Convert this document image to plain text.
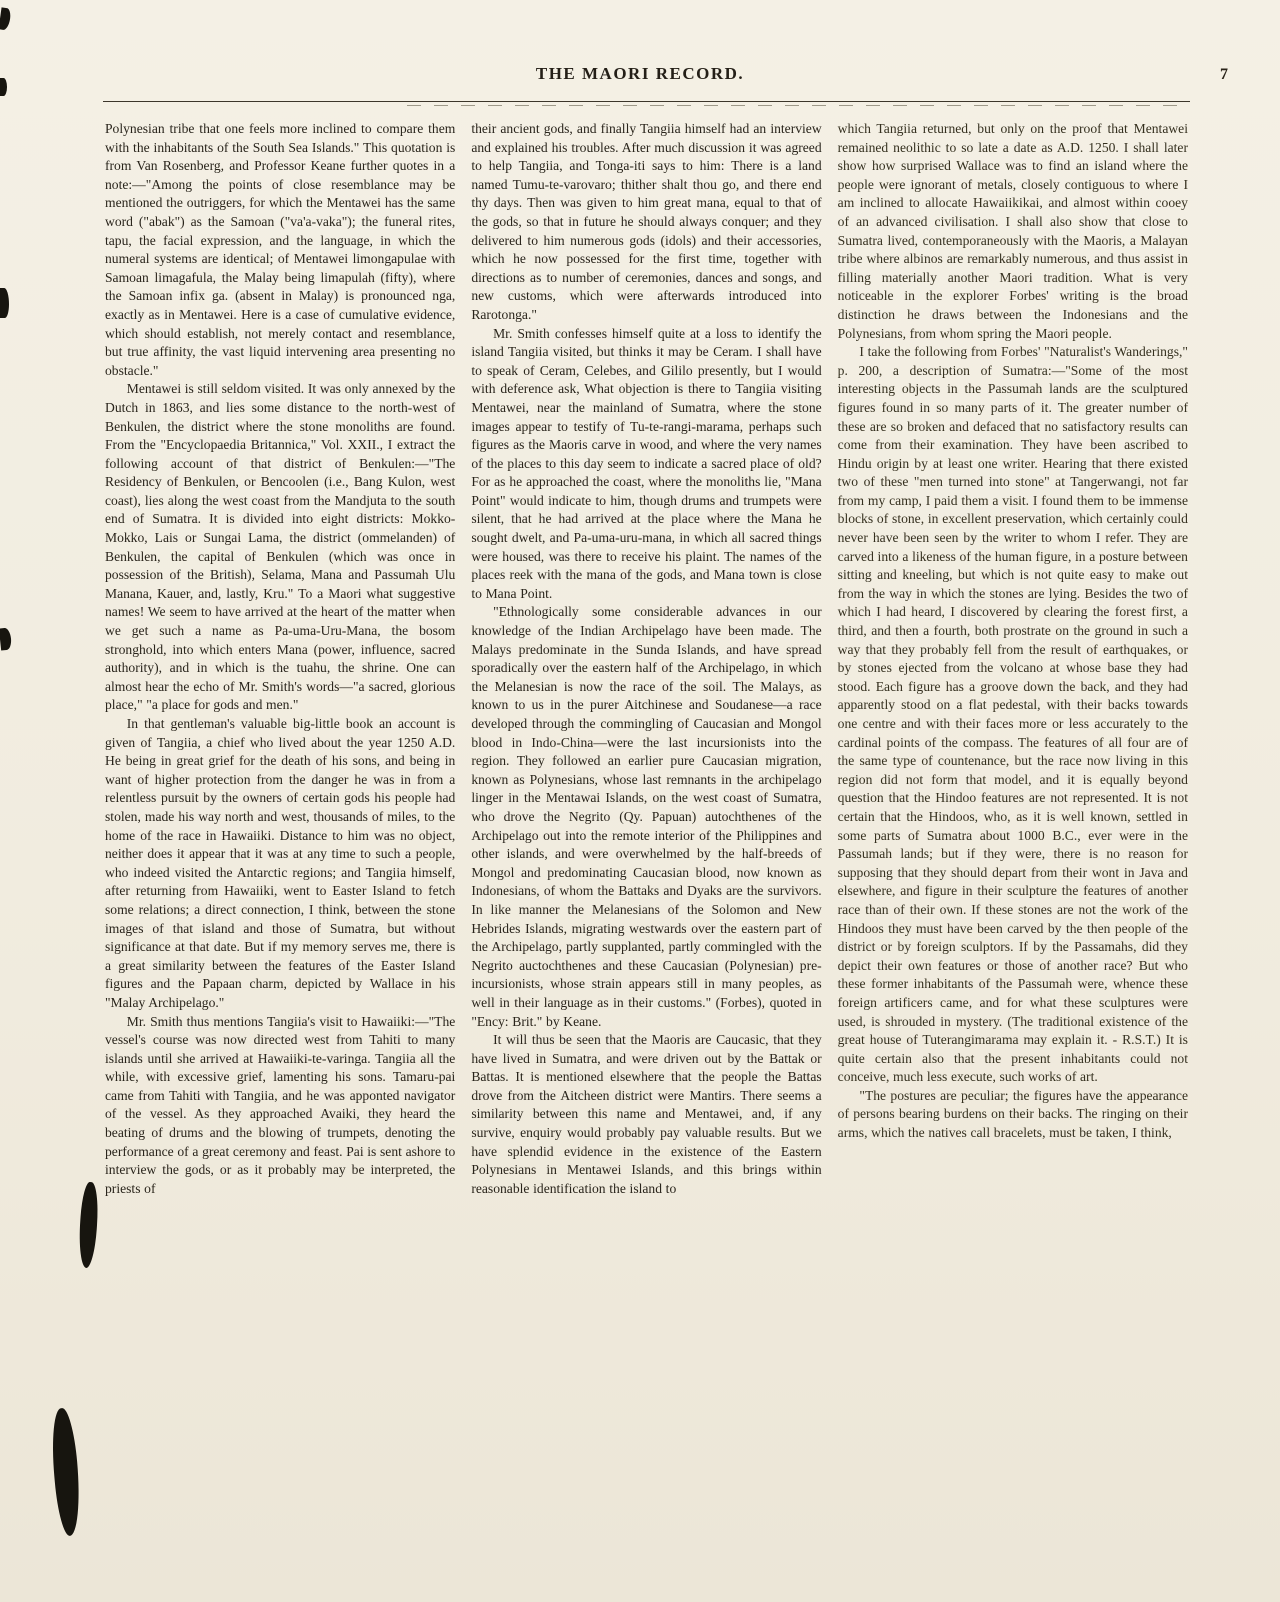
THE MAORI RECORD.	7

Polynesian tribe that one feels more inclined to compare them with the inhabitants of the South Sea Islands." This quotation is from Van Rosenberg, and Professor Keane further quotes in a note:—"Among the points of close resemblance may be mentioned the outriggers, for which the Mentawei has the same word ("abak") as the Samoan ("va'a-vaka"); the funeral rites, tapu, the facial expression, and the language, in which the numeral systems are identical; of Mentawei limongapulae with Samoan limagafula, the Malay being limapulah (fifty), where the Samoan infix ga. (absent in Malay) is pronounced nga, exactly as in Mentawei. Here is a case of cumulative evidence, which should establish, not merely contact and resemblance, but true affinity, the vast liquid intervening area presenting no obstacle."

Mentawei is still seldom visited. It was only annexed by the Dutch in 1863, and lies some distance to the north-west of Benkulen, the district where the stone monoliths are found. From the "Encyclopaedia Britannica," Vol. XXII., I extract the following account of that district of Benkulen:—"The Residency of Benkulen, or Bencoolen (i.e., Bang Kulon, west coast), lies along the west coast from the Mandjuta to the south end of Sumatra. It is divided into eight districts: Mokko-Mokko, Lais or Sungai Lama, the district (ommelanden) of Benkulen, the capital of Benkulen (which was once in possession of the British), Selama, Mana and Passumah Ulu Manana, Kauer, and, lastly, Kru." To a Maori what suggestive names! We seem to have arrived at the heart of the matter when we get such a name as Pa-uma-Uru-Mana, the bosom stronghold, into which enters Mana (power, influence, sacred authority), and in which is the tuahu, the shrine. One can almost hear the echo of Mr. Smith's words—"a sacred, glorious place," "a place for gods and men."

In that gentleman's valuable big-little book an account is given of Tangiia, a chief who lived about the year 1250 A.D. He being in great grief for the death of his sons, and being in want of higher protection from the danger he was in from a relentless pursuit by the owners of certain gods his people had stolen, made his way north and west, thousands of miles, to the home of the race in Hawaiiki. Distance to him was no object, neither does it appear that it was at any time to such a people, who indeed visited the Antarctic regions; and Tangiia himself, after returning from Hawaiiki, went to Easter Island to fetch some relations; a direct connection, I think, between the stone images of that island and those of Sumatra, but without significance at that date. But if my memory serves me, there is a great similarity between the features of the Easter Island figures and the Papaan charm, depicted by Wallace in his "Malay Archipelago."

Mr. Smith thus mentions Tangiia's visit to Hawaiiki:—"The vessel's course was now directed west from Tahiti to many islands until she arrived at Hawaiiki-te-varinga. Tangiia all the while, with excessive grief, lamenting his sons. Tamaru-pai came from Tahiti with Tangiia, and he was apponted navigator of the vessel. As they approached Avaiki, they heard the beating of drums and the blowing of trumpets, denoting the performance of a great ceremony and feast. Pai is sent ashore to interview the gods, or as it probably may be interpreted, the priests of

their ancient gods, and finally Tangiia himself had an interview and explained his troubles. After much discussion it was agreed to help Tangiia, and Tonga-iti says to him: There is a land named Tumu-te-varovaro; thither shalt thou go, and there end thy days. Then was given to him great mana, equal to that of the gods, so that in future he should always conquer; and they delivered to him numerous gods (idols) and their accessories, which he now possessed for the first time, together with directions as to number of ceremonies, dances and songs, and new customs, which were afterwards introduced into Rarotonga."

Mr. Smith confesses himself quite at a loss to identify the island Tangiia visited, but thinks it may be Ceram. I shall have to speak of Ceram, Celebes, and Gililo presently, but I would with deference ask, What objection is there to Tangiia visiting Mentawei, near the mainland of Sumatra, where the stone images appear to testify of Tu-te-rangi-marama, perhaps such figures as the Maoris carve in wood, and where the very names of the places to this day seem to indicate a sacred place of old? For as he approached the coast, where the monoliths lie, "Mana Point" would indicate to him, though drums and trumpets were silent, that he had arrived at the place where the Mana he sought dwelt, and Pa-uma-uru-mana, in which all sacred things were housed, was there to receive his plaint. The names of the places reek with the mana of the gods, and Mana town is close to Mana Point.

"Ethnologically some considerable advances in our knowledge of the Indian Archipelago have been made. The Malays predominate in the Sunda Islands, and have spread sporadically over the eastern half of the Archipelago, in which the Melanesian is now the race of the soil. The Malays, as known to us in the purer Aitchinese and Soudanese—a race developed through the commingling of Caucasian and Mongol blood in Indo-China—were the last incursionists into the region. They followed an earlier pure Caucasian migration, known as Polynesians, whose last remnants in the archipelago linger in the Mentawai Islands, on the west coast of Sumatra, who drove the Negrito (Qy. Papuan) autochthenes of the Archipelago out into the remote interior of the Philippines and other islands, and were overwhelmed by the half-breeds of Mongol and predominating Caucasian blood, now known as Indonesians, of whom the Battaks and Dyaks are the survivors. In like manner the Melanesians of the Solomon and New Hebrides Islands, migrating westwards over the eastern part of the Archipelago, partly supplanted, partly commingled with the Negrito auctochthenes and these Caucasian (Polynesian) pre-incursionists, whose strain appears still in many peoples, as well in their language as in their customs." (Forbes), quoted in "Ency: Brit." by Keane.

It will thus be seen that the Maoris are Caucasic, that they have lived in Sumatra, and were driven out by the Battak or Battas. It is mentioned elsewhere that the people the Battas drove from the Aitcheen district were Mantirs. There seems a similarity between this name and Mentawei, and, if any survive, enquiry would probably pay valuable results. But we have splendid evidence in the existence of the Eastern Polynesians in Mentawei Islands, and this brings within reasonable identification the island to

which Tangiia returned, but only on the proof that Mentawei remained neolithic to so late a date as A.D. 1250. I shall later show how surprised Wallace was to find an island where the people were ignorant of metals, closely contiguous to where I am inclined to allocate Hawaiikikai, and almost within cooey of an advanced civilisation. I shall also show that close to Sumatra lived, contemporaneously with the Maoris, a Malayan tribe where albinos are remarkably numerous, and thus assist in filling materially another Maori tradition. What is very noticeable in the explorer Forbes' writing is the broad distinction he draws between the Indonesians and the Polynesians, from whom spring the Maori people.

I take the following from Forbes' "Naturalist's Wanderings," p. 200, a description of Sumatra:—"Some of the most interesting objects in the Passumah lands are the sculptured figures found in so many parts of it. The greater number of these are so broken and defaced that no satisfactory results can come from their examination. They have been ascribed to Hindu origin by at least one writer. Hearing that there existed two of these "men turned into stone" at Tangerwangi, not far from my camp, I paid them a visit. I found them to be immense blocks of stone, in excellent preservation, which certainly could never have been seen by the writer to whom I refer. They are carved into a likeness of the human figure, in a posture between sitting and kneeling, but which is not quite easy to make out from the way in which the stones are lying. Besides the two of which I had heard, I discovered by clearing the forest first, a third, and then a fourth, both prostrate on the ground in such a way that they probably fell from the result of earthquakes, or by stones ejected from the volcano at whose base they had stood. Each figure has a groove down the back, and they had apparently stood on a flat pedestal, with their backs towards one centre and with their faces more or less accurately to the cardinal points of the compass. The features of all four are of the same type of countenance, but the race now living in this region did not form that model, and it is equally beyond question that the Hindoo features are not represented. It is not certain that the Hindoos, who, as it is well known, settled in some parts of Sumatra about 1000 B.C., ever were in the Passumah lands; but if they were, there is no reason for supposing that they should depart from their wont in Java and elsewhere, and figure in their sculpture the features of another race than of their own. If these stones are not the work of the Hindoos they must have been carved by the then people of the district or by foreign sculptors. If by the Passamahs, did they depict their own features or those of another race? But who these former inhabitants of the Passumah were, whence these foreign artificers came, and for what these sculptures were used, is shrouded in mystery. (The traditional existence of the great house of Tuterangimarama may explain it. - R.S.T.) It is quite certain also that the present inhabitants could not conceive, much less execute, such works of art.

"The postures are peculiar; the figures have the appearance of persons bearing burdens on their backs. The ringing on their arms, which the natives call bracelets, must be taken, I think,
